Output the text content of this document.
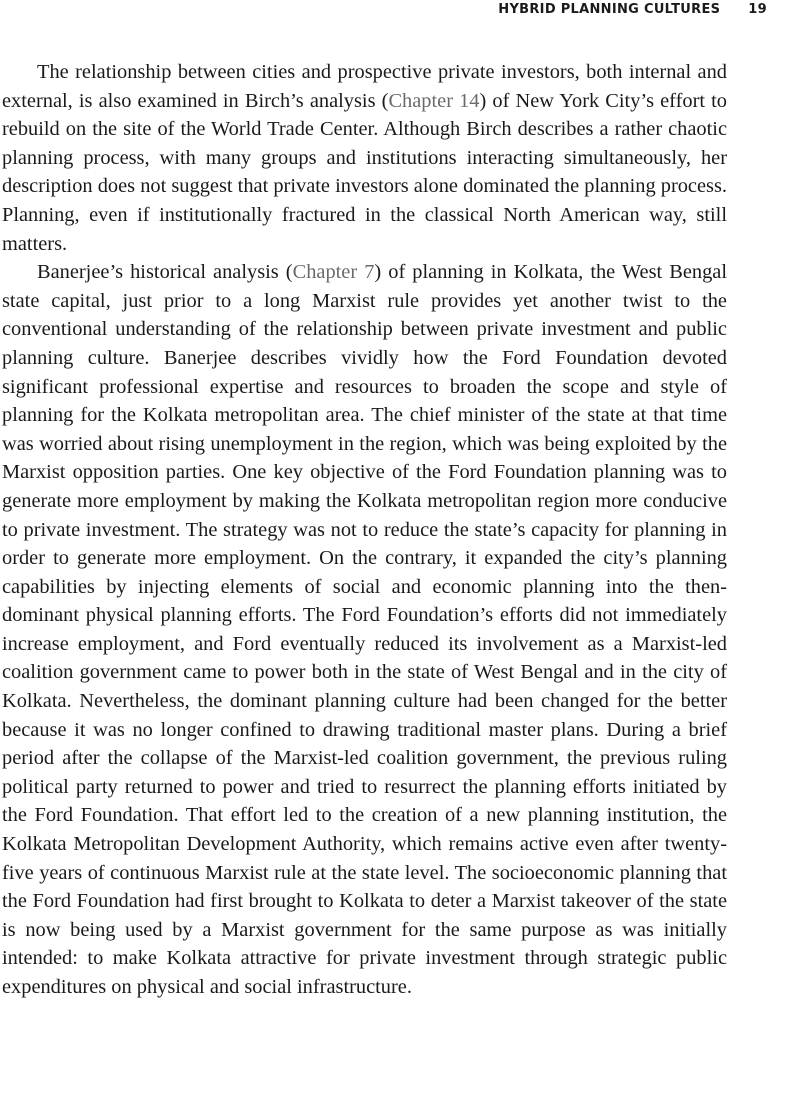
HYBRID PLANNING CULTURES 19

The relationship between cities and prospective private investors, both internal and external, is also examined in Birch’s analysis (Chapter 14) of New York City’s effort to rebuild on the site of the World Trade Center. Although Birch describes a rather chaotic planning process, with many groups and institutions interacting simultaneously, her description does not suggest that private investors alone dominated the planning process. Planning, even if institutionally fractured in the classical North American way, still matters.

Banerjee’s historical analysis (Chapter 7) of planning in Kolkata, the West Bengal state capital, just prior to a long Marxist rule provides yet another twist to the conventional understanding of the relationship between private investment and public planning culture. Banerjee describes vividly how the Ford Foundation devoted significant professional expertise and resources to broaden the scope and style of planning for the Kolkata metropolitan area. The chief minister of the state at that time was worried about rising unemployment in the region, which was being exploited by the Marxist opposition parties. One key objective of the Ford Foundation planning was to generate more employment by making the Kolkata metropolitan region more conducive to private investment. The strategy was not to reduce the state’s capacity for planning in order to generate more employment. On the contrary, it expanded the city’s planning capabilities by injecting elements of social and economic planning into the then-dominant physical planning efforts. The Ford Foundation’s efforts did not immediately increase employment, and Ford eventually reduced its involvement as a Marxist-led coalition government came to power both in the state of West Bengal and in the city of Kolkata. Nevertheless, the dominant planning culture had been changed for the better because it was no longer confined to drawing traditional master plans. During a brief period after the collapse of the Marxist-led coalition government, the previous ruling political party returned to power and tried to resurrect the planning efforts initiated by the Ford Foundation. That effort led to the creation of a new planning institution, the Kolkata Metropolitan Development Authority, which remains active even after twenty-five years of continuous Marxist rule at the state level. The socioeconomic planning that the Ford Foundation had first brought to Kolkata to deter a Marxist takeover of the state is now being used by a Marxist government for the same purpose as was initially intended: to make Kolkata attractive for private investment through strategic public expenditures on physical and social infrastructure.
